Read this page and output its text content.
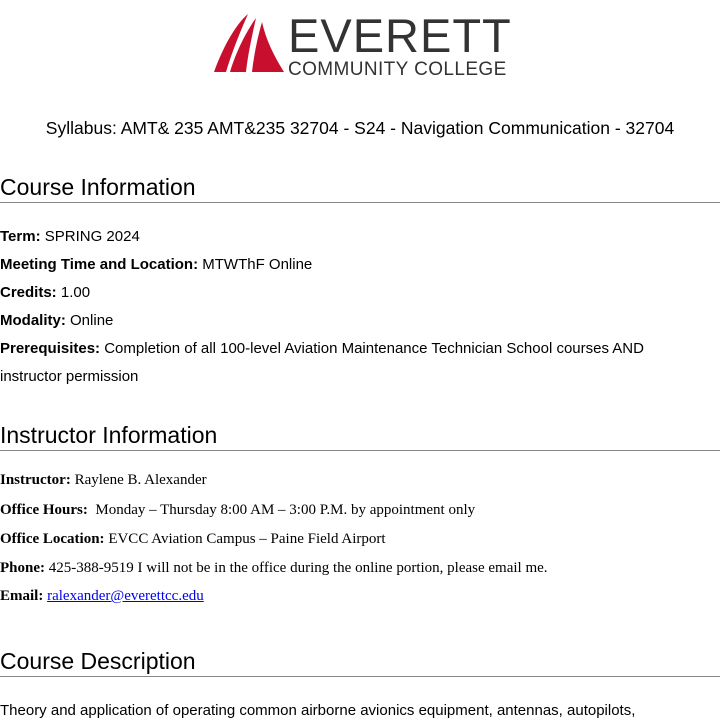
EVERETT
COMMUNITY COLLEGE
Syllabus: AMT& 235 AMT&235 32704 - S24 - Navigation Communication - 32704
Course Information
Term: SPRING 2024
Meeting Time and Location: MTWThF Online
Credits: 1.00
Modality: Online
Prerequisites: Completion of all 100-level Aviation Maintenance Technician School courses AND
instructor permission
Instructor Information
Instructor: Raylene B. Alexander
Office Hours: Monday – Thursday 8:00 AM – 3:00 P.M. by appointment only
Office Location: EVCC Aviation Campus – Paine Field Airport
Phone: 425-388-9519 I will not be in the office during the online portion, please email me.
Email: ralexander@everettcc.edu
Course Description
Theory and application of operating common airborne avionics equipment, antennas, autopilots,
